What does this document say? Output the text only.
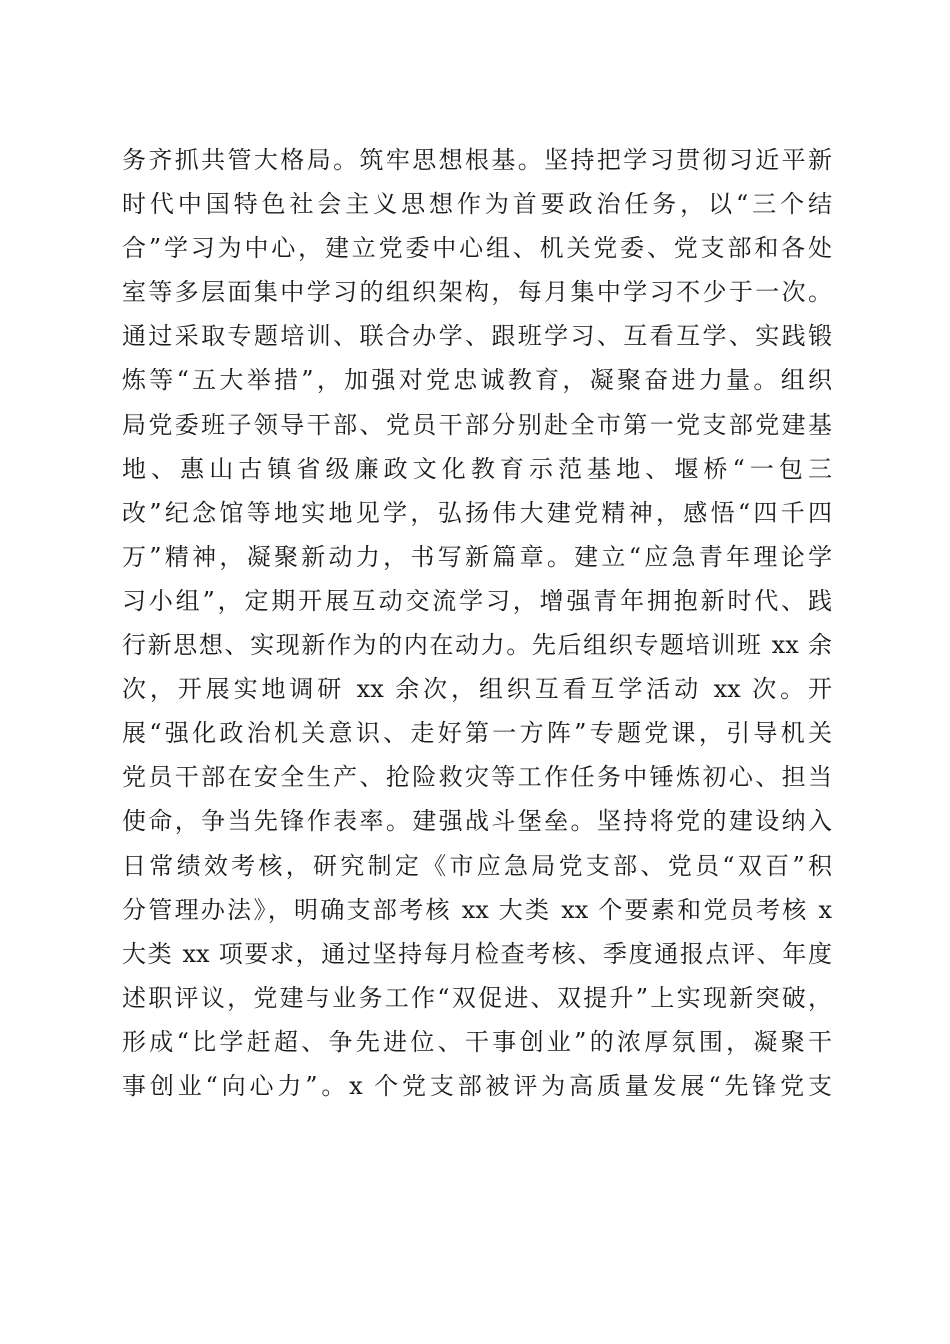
务齐抓共管大格局。筑牢思想根基。坚持把学习贯彻习近平新
时代中国特色社会主义思想作为首要政治任务，以“三个结
合”学习为中心，建立党委中心组、机关党委、党支部和各处
室等多层面集中学习的组织架构，每月集中学习不少于一次。
通过采取专题培训、联合办学、跟班学习、互看互学、实践锻
炼等“五大举措”，加强对党忠诚教育，凝聚奋进力量。组织
局党委班子领导干部、党员干部分别赴全市第一党支部党建基
地、惠山古镇省级廉政文化教育示范基地、堰桥“一包三
改”纪念馆等地实地见学，弘扬伟大建党精神，感悟“四千四
万”精神，凝聚新动力，书写新篇章。建立“应急青年理论学
习小组”，定期开展互动交流学习，增强青年拥抱新时代、践
行新思想、实现新作为的内在动力。先后组织专题培训班 xx 余
次，开展实地调研 xx 余次，组织互看互学活动 xx 次。开
展“强化政治机关意识、走好第一方阵”专题党课，引导机关
党员干部在安全生产、抢险救灾等工作任务中锤炼初心、担当
使命，争当先锋作表率。建强战斗堡垒。坚持将党的建设纳入
日常绩效考核，研究制定《市应急局党支部、党员“双百”积
分管理办法》，明确支部考核 xx 大类 xx 个要素和党员考核 x
大类 xx 项要求，通过坚持每月检查考核、季度通报点评、年度
述职评议，党建与业务工作“双促进、双提升”上实现新突破，
形成“比学赶超、争先进位、干事创业”的浓厚氛围，凝聚干
事创业“向心力”。x 个党支部被评为高质量发展“先锋党支
